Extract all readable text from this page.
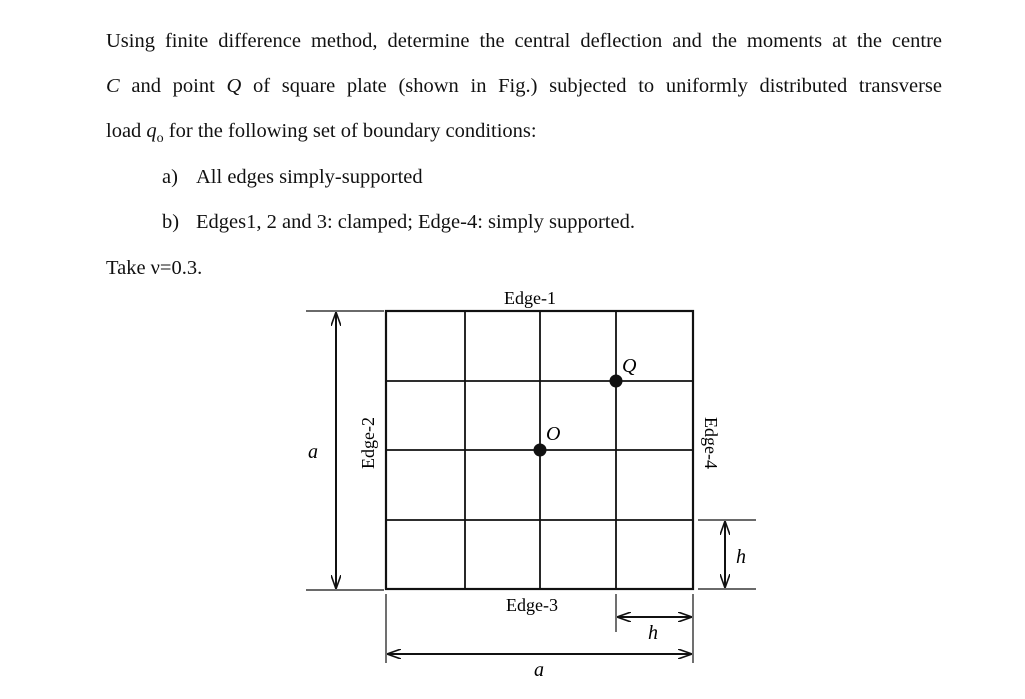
Using finite difference method, determine the central deflection and the moments at the centre
C and point Q of square plate (shown in Fig.) subjected to uniformly distributed transverse
load $q_o$ for the following set of boundary conditions:
a) All edges simply-supported
b) Edges1, 2 and 3: clamped; Edge-4: simply supported.
Take ν=0.3.
O
Q
Edge-1
Edge-3
Edge-2	Edge-4
a
a
h
h
